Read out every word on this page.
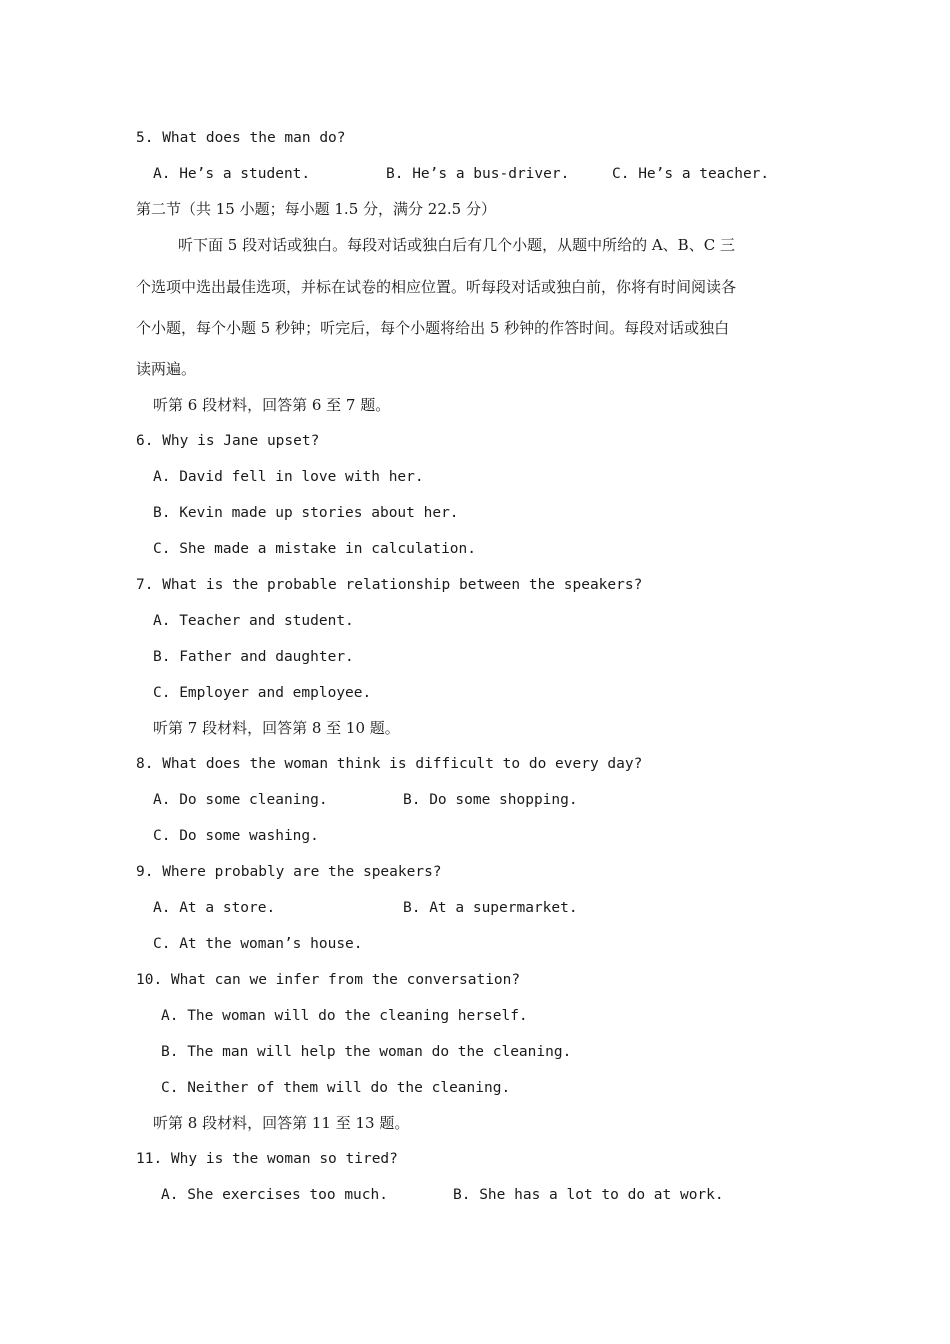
5. What does the man do?
A. He’s a student.	B. He’s a bus-driver.	C. He’s a teacher.
第二节（共 15 小题；每小题 1.5 分，满分 22.5 分）
听下面 5 段对话或独白。每段对话或独白后有几个小题，从题中所给的 A、B、C 三
个选项中选出最佳选项，并标在试卷的相应位置。听每段对话或独白前，你将有时间阅读各
个小题，每个小题 5 秒钟；听完后，每个小题将给出 5 秒钟的作答时间。每段对话或独白
读两遍。
听第 6 段材料，回答第 6 至 7 题。
6. Why is Jane upset?
A. David fell in love with her.
B. Kevin made up stories about her.
C. She made a mistake in calculation.
7. What is the probable relationship between the speakers?
A. Teacher and student.
B. Father and daughter.
C. Employer and employee.
听第 7 段材料，回答第 8 至 10 题。
8. What does the woman think is difficult to do every day?
A. Do some cleaning.	B. Do some shopping.
C. Do some washing.
9. Where probably are the speakers?
A. At a store.	B. At a supermarket.
C. At the woman’s house.
10. What can we infer from the conversation?
A. The woman will do the cleaning herself.
B. The man will help the woman do the cleaning.
C. Neither of them will do the cleaning.
听第 8 段材料，回答第 11 至 13 题。
11. Why is the woman so tired?
A. She exercises too much.	B. She has a lot to do at work.
